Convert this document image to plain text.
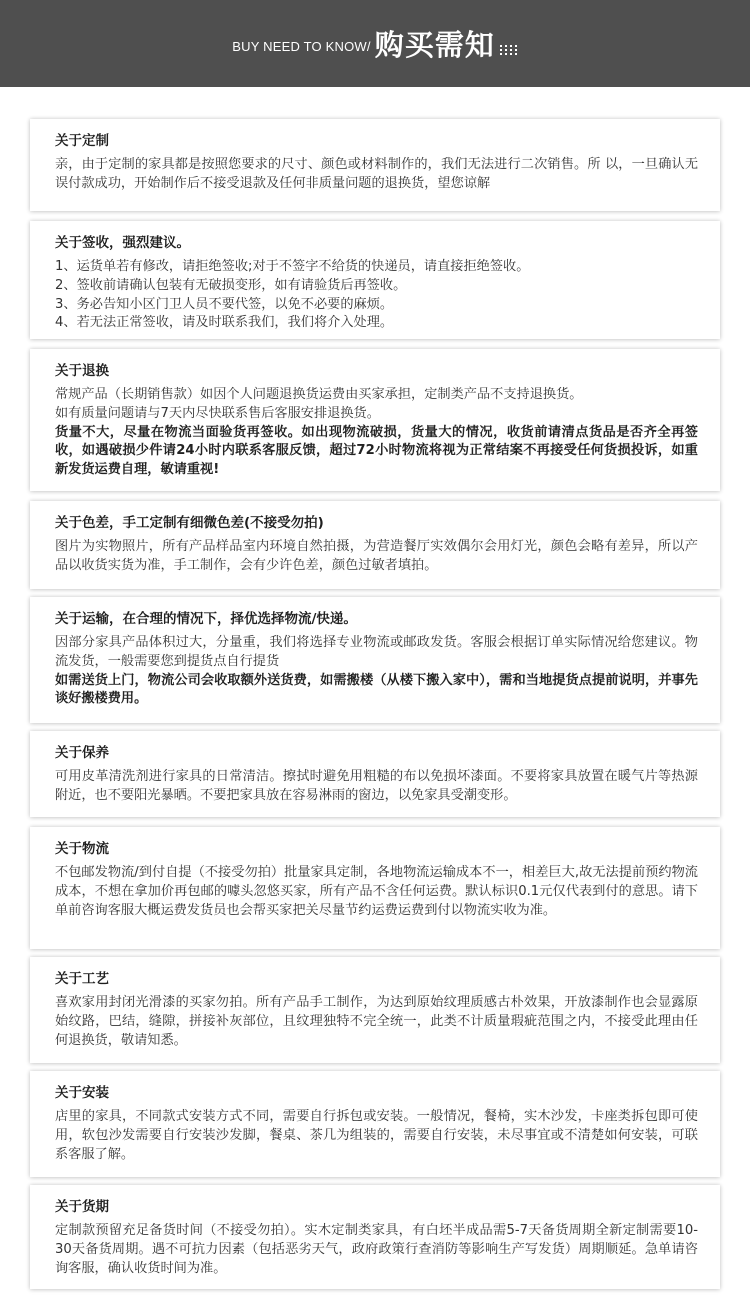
BUY NEED TO KNOW/ 购买需知
关于定制

亲，由于定制的家具都是按照您要求的尺寸、颜色或材料制作的，我们无法进行二次销售。所 以，一旦确认无误付款成功，开始制作后不接受退款及任何非质量问题的退换货，望您谅解

关于签收，强烈建议。

1、运货单若有修改，请拒绝签收;对于不签字不给货的快递员，请直接拒绝签收。

2、签收前请确认包装有无破损变形，如有请验货后再签收。

3、务必告知小区门卫人员不要代签，以免不必要的麻烦。

4、若无法正常签收，请及时联系我们，我们将介入处理。

关于退换

常规产品（长期销售款）如因个人问题退换货运费由买家承担，定制类产品不支持退换货。

如有质量问题请与7天内尽快联系售后客服安排退换货。

货量不大，尽量在物流当面验货再签收。如出现物流破损，货量大的情况，收货前请清点货品是否齐全再签收，如遇破损少件请24小时内联系客服反馈，超过72小时物流将视为正常结案不再接受任何货损投诉，如重新发货运费自理，敏请重视!

关于色差，手工定制有细微色差(不接受勿拍)

图片为实物照片，所有产品样品室内环境自然拍摄，为营造餐厅实效偶尔会用灯光，颜色会略有差异，所以产品以收货实货为准，手工制作，会有少许色差，颜色过敏者填拍。

关于运输，在合理的情况下，择优选择物流/快递。

因部分家具产品体积过大，分量重，我们将选择专业物流或邮政发货。客服会根据订单实际情况给您建议。物流发货，一般需要您到提货点自行提货

如需送货上门，物流公司会收取额外送货费，如需搬楼（从楼下搬入家中），需和当地提货点提前说明，并事先谈好搬楼费用。

关于保养

可用皮革清洗剂进行家具的日常清洁。擦拭时避免用粗糙的布以免损坏漆面。不要将家具放置在暖气片等热源附近，也不要阳光暴晒。不要把家具放在容易淋雨的窗边，以免家具受潮变形。

关于物流

不包邮发物流/到付自提（不接受勿拍）批量家具定制，各地物流运输成本不一，相差巨大,故无法提前预约物流成本，不想在拿加价再包邮的噱头忽悠买家，所有产品不含任何运费。默认标识0.1元仅代表到付的意思。请下单前咨询客服大概运费发货员也会帮买家把关尽量节约运费运费到付以物流实收为准。

关于工艺

喜欢家用封闭光滑漆的买家勿拍。所有产品手工制作，为达到原始纹理质感古朴效果，开放漆制作也会显露原始纹路，巴结，缝隙，拼接补灰部位，且纹理独特不完全统一，此类不计质量瑕疵范围之内，不接受此理由任何退换货，敬请知悉。

关于安装

店里的家具，不同款式安装方式不同，需要自行拆包或安装。一般情况，餐椅，实木沙发，卡座类拆包即可使用，软包沙发需要自行安装沙发脚，餐桌、茶几为组装的，需要自行安装，未尽事宜或不清楚如何安装，可联系客服了解。

关于货期

定制款预留充足备货时间（不接受勿拍）。实木定制类家具，有白坯半成品需5-7天备货周期全新定制需要10-30天备货周期。遇不可抗力因素（包括恶劣天气，政府政策行查消防等影响生产写发货）周期顺延。急单请咨询客服，确认收货时间为准。
